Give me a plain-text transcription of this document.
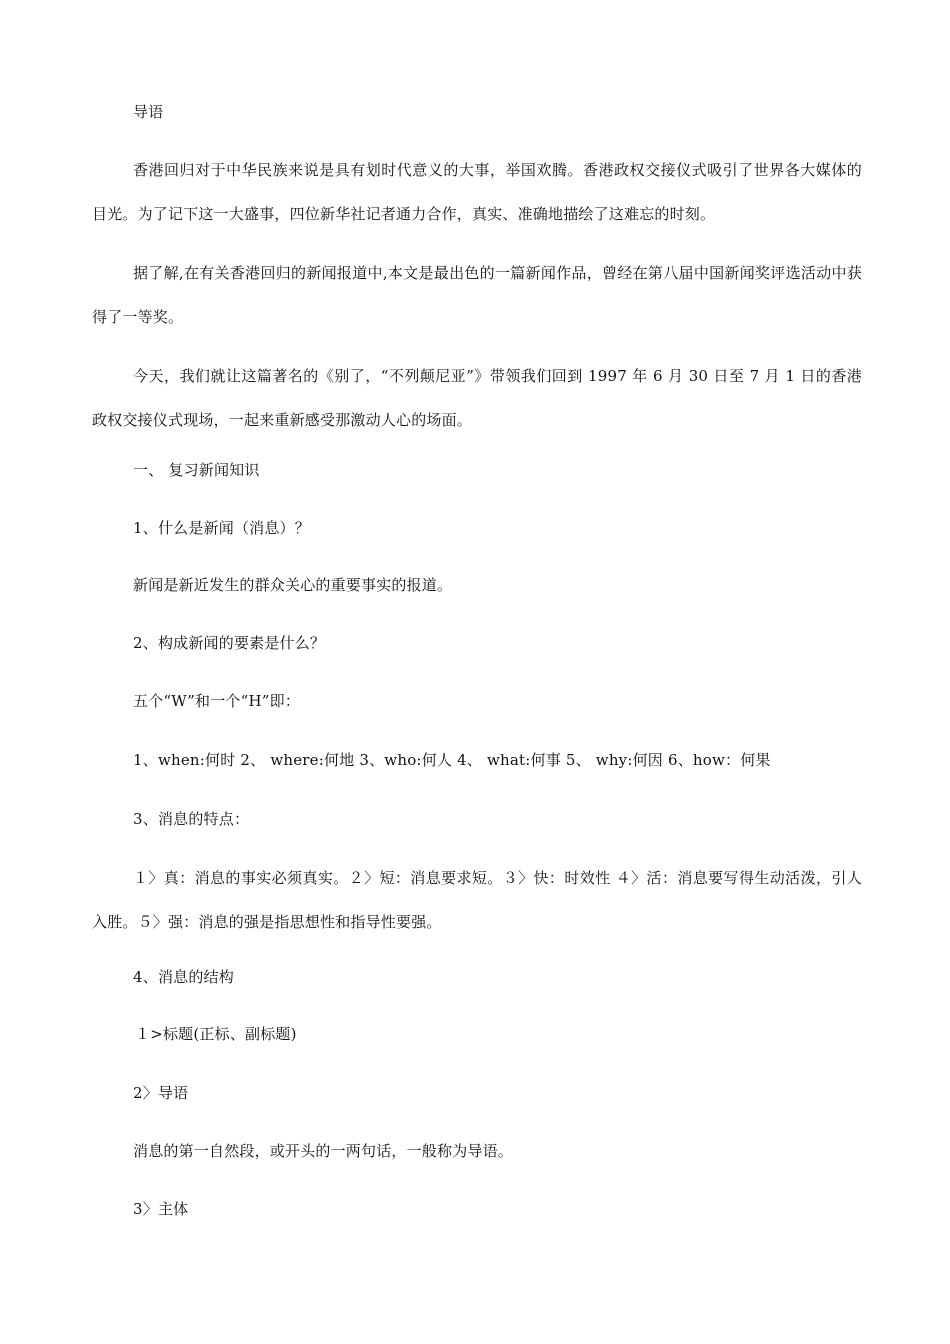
导语
香港回归对于中华民族来说是具有划时代意义的大事，举国欢腾。香港政权交接仪式吸引了世界各大媒体的目光。为了记下这一大盛事，四位新华社记者通力合作，真实、准确地描绘了这难忘的时刻。
据了解,在有关香港回归的新闻报道中,本文是最出色的一篇新闻作品，曾经在第八届中国新闻奖评选活动中获得了一等奖。
今天，我们就让这篇著名的《别了，“不列颠尼亚”》带领我们回到 1997 年 6 月 30 日至 7 月 1 日的香港政权交接仪式现场，一起来重新感受那激动人心的场面。
一、 复习新闻知识
1、什么是新闻（消息）？
新闻是新近发生的群众关心的重要事实的报道。
2、构成新闻的要素是什么？
五个“W”和一个“H”即：
1、when:何时 2、 where:何地 3、who:何人 4、 what:何事 5、 why:何因 6、how：何果
3、消息的特点：
１〉真：消息的事实必须真实。２〉短：消息要求短。３〉快：时效性 ４〉活：消息要写得生动活泼，引人入胜。５〉强：消息的强是指思想性和指导性要强。
4、消息的结构
１>标题(正标、副标题)
2〉导语
消息的第一自然段，或开头的一两句话，一般称为导语。
3〉主体
